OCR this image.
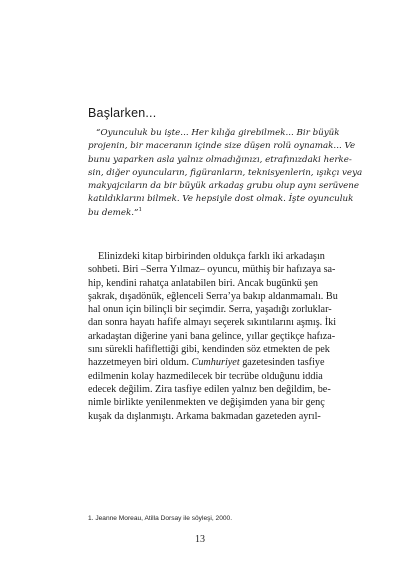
Başlarken...
“Oyunculuk bu işte... Her kılığa girebilmek... Bir büyük
projenin, bir maceranın içinde size düşen rolü oynamak... Ve
bunu yaparken asla yalnız olmadığınızı, etrafınızdaki herke-
sin, diğer oyuncuların, figüranların, teknisyenlerin, ışıkçı veya
makyajcıların da bir büyük arkadaş grubu olup aynı serüvene
katıldıklarını bilmek. Ve hepsiyle dost olmak. İşte oyunculuk
bu demek.”$^1$
Elinizdeki kitap birbirinden oldukça farklı iki arkadaşın
sohbeti. Biri –Serra Yılmaz– oyuncu, müthiş bir hafızaya sa-
hip, kendini rahatça anlatabilen biri. Ancak bugünkü şen
şakrak, dışadönük, eğlenceli Serra’ya bakıp aldanmamalı. Bu
hal onun için bilinçli bir seçimdir. Serra, yaşadığı zorluklar-
dan sonra hayatı hafife almayı seçerek sıkıntılarını aşmış. İki
arkadaştan diğerine yani bana gelince, yıllar geçtikçe hafıza-
sını sürekli hafiflettiği gibi, kendinden söz etmekten de pek
hazzetmeyen biri oldum. Cumhuriyet gazetesinden tasfiye
edilmenin kolay hazmedilecek bir tecrübe olduğunu iddia
edecek değilim. Zira tasfiye edilen yalnız ben değildim, be-
nimle birlikte yenilenmekten ve değişimden yana bir genç
kuşak da dışlanmıştı. Arkama bakmadan gazeteden ayrıl-
1. Jeanne Moreau, Atilla Dorsay ile söyleşi, 2000.
13
